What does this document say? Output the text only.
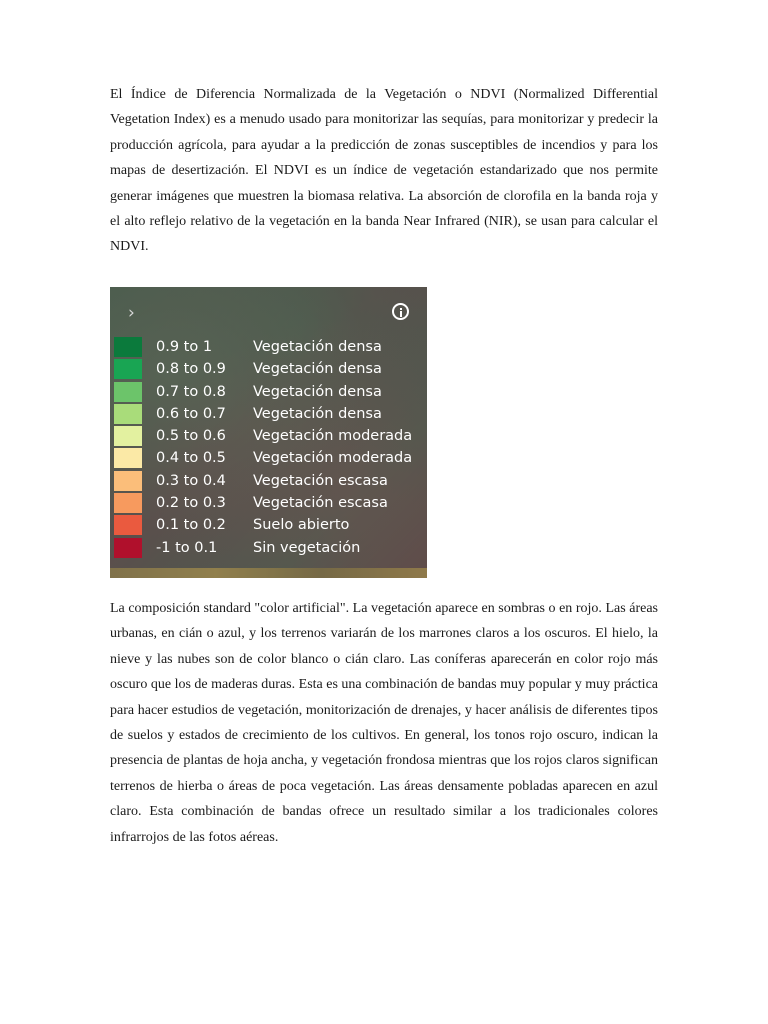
El Índice de Diferencia Normalizada de la Vegetación o NDVI (Normalized Differential Vegetation Index) es a menudo usado para monitorizar las sequías, para monitorizar y predecir la producción agrícola, para ayudar a la predicción de zonas susceptibles de incendios y para los mapas de desertización. El NDVI es un índice de vegetación estandarizado que nos permite generar imágenes que muestren la biomasa relativa. La absorción de clorofila en la banda roja y el alto reflejo relativo de la vegetación en la banda Near Infrared (NIR), se usan para calcular el NDVI.

›
0.9 to 1	Vegetación densa
0.8 to 0.9 Vegetación densa
0.7 to 0.8 Vegetación densa
0.6 to 0.7 Vegetación densa
0.5 to 0.6 Vegetación moderada
0.4 to 0.5 Vegetación moderada
0.3 to 0.4 Vegetación escasa
0.2 to 0.3 Vegetación escasa
0.1 to 0.2 Suelo abierto
-1 to 0.1 Sin vegetación

La composición standard "color artificial". La vegetación aparece en sombras o en rojo. Las áreas urbanas, en cián o azul, y los terrenos variarán de los marrones claros a los oscuros. El hielo, la nieve y las nubes son de color blanco o cián claro. Las coníferas aparecerán en color rojo más oscuro que los de maderas duras. Esta es una combinación de bandas muy popular y muy práctica para hacer estudios de vegetación, monitorización de drenajes, y hacer análisis de diferentes tipos de suelos y estados de crecimiento de los cultivos. En general, los tonos rojo oscuro, indican la presencia de plantas de hoja ancha, y vegetación frondosa mientras que los rojos claros significan terrenos de hierba o áreas de poca vegetación. Las áreas densamente pobladas aparecen en azul claro. Esta combinación de bandas ofrece un resultado similar a los tradicionales colores infrarrojos de las fotos aéreas.
